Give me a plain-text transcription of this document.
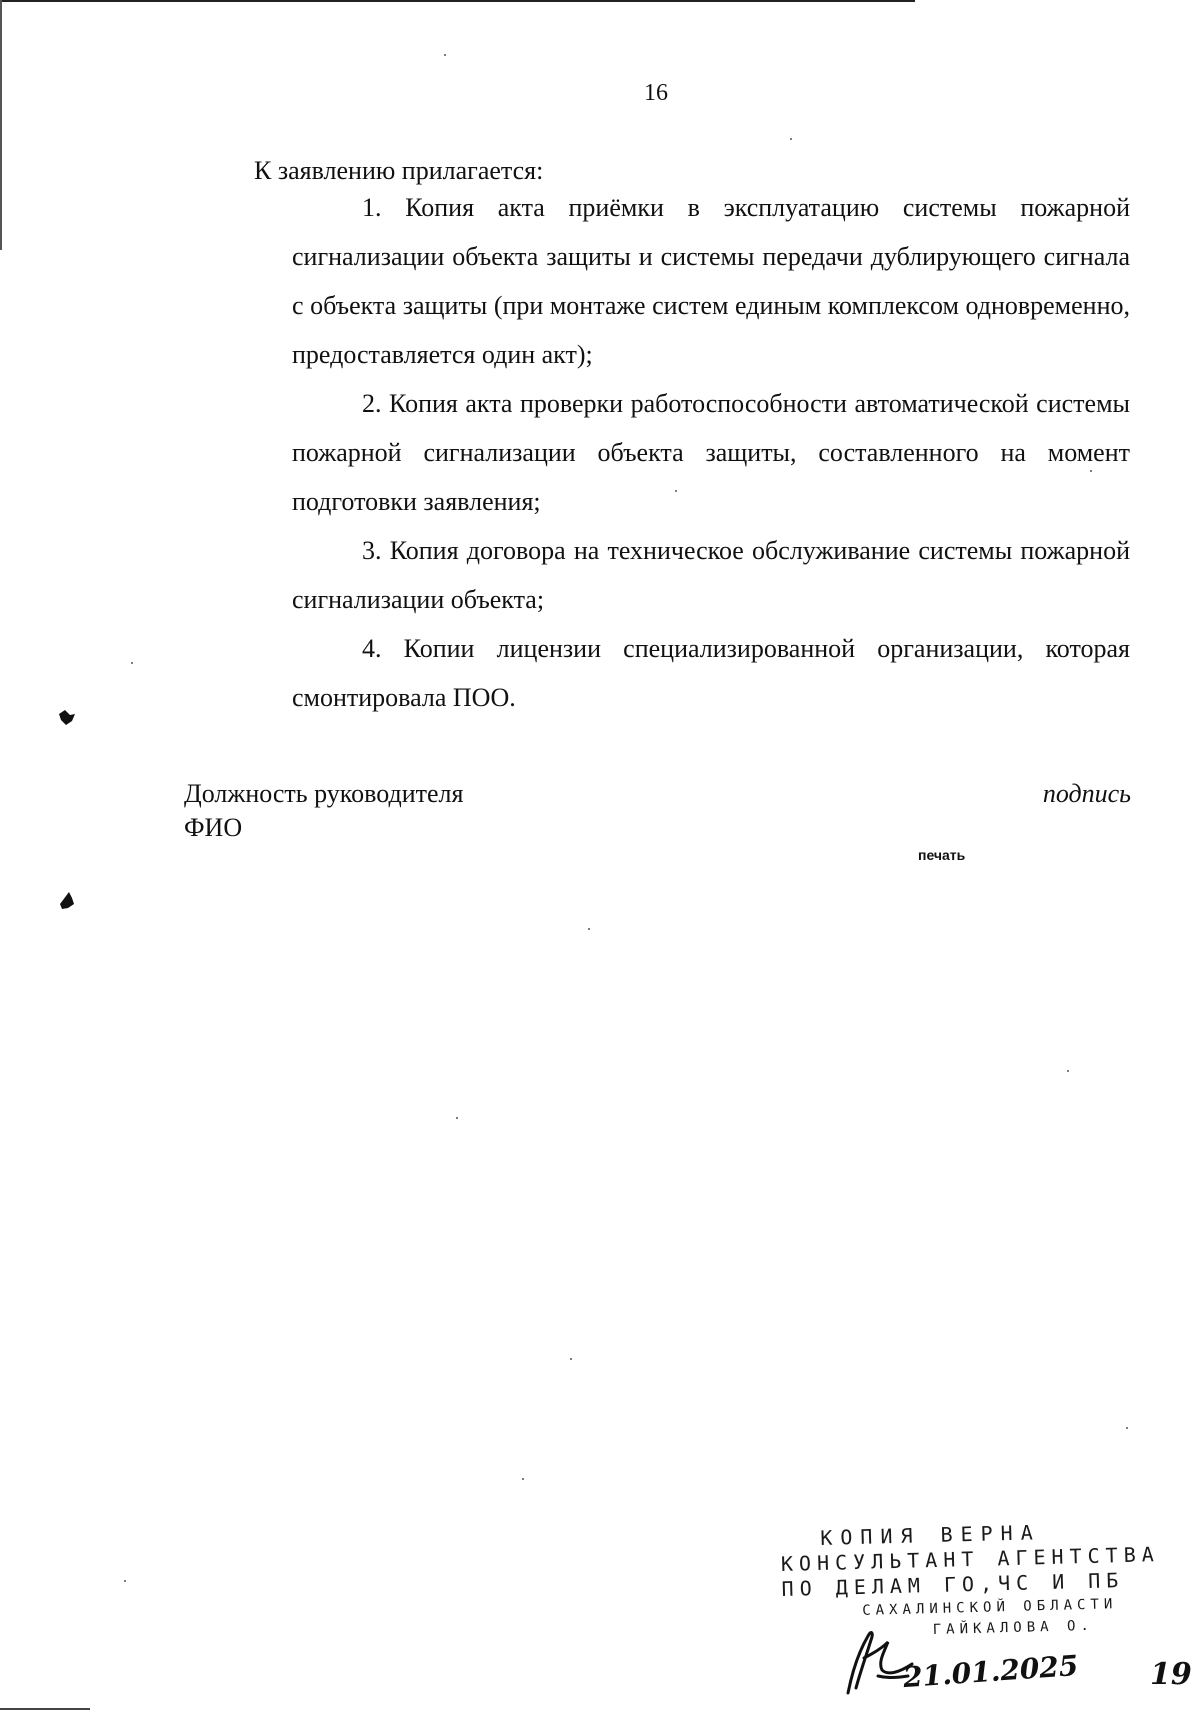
16
К заявлению прилагается:
1. Копия акта приёмки в эксплуатацию системы пожарной сигнализации объекта защиты и системы передачи дублирующего сигнала с объекта защиты (при монтаже систем единым комплексом одновременно, предоставляется один акт);
2. Копия акта проверки работоспособности автоматической системы пожарной сигнализации объекта защиты, составленного на момент подготовки заявления;
3. Копия договора на техническое обслуживание системы пожарной сигнализации объекта;
4. Копии лицензии специализированной организации, которая смонтировала ПОО.
Должность руководителя
ФИО
подпись
печать
КОПИЯ ВЕРНА
КОНСУЛЬТАНТ АГЕНТСТВА
ПО ДЕЛАМ ГО,ЧС И ПБ
САХАЛИНСКОЙ ОБЛАСТИ
ГАЙКАЛОВА О.
21.01.2025 19
